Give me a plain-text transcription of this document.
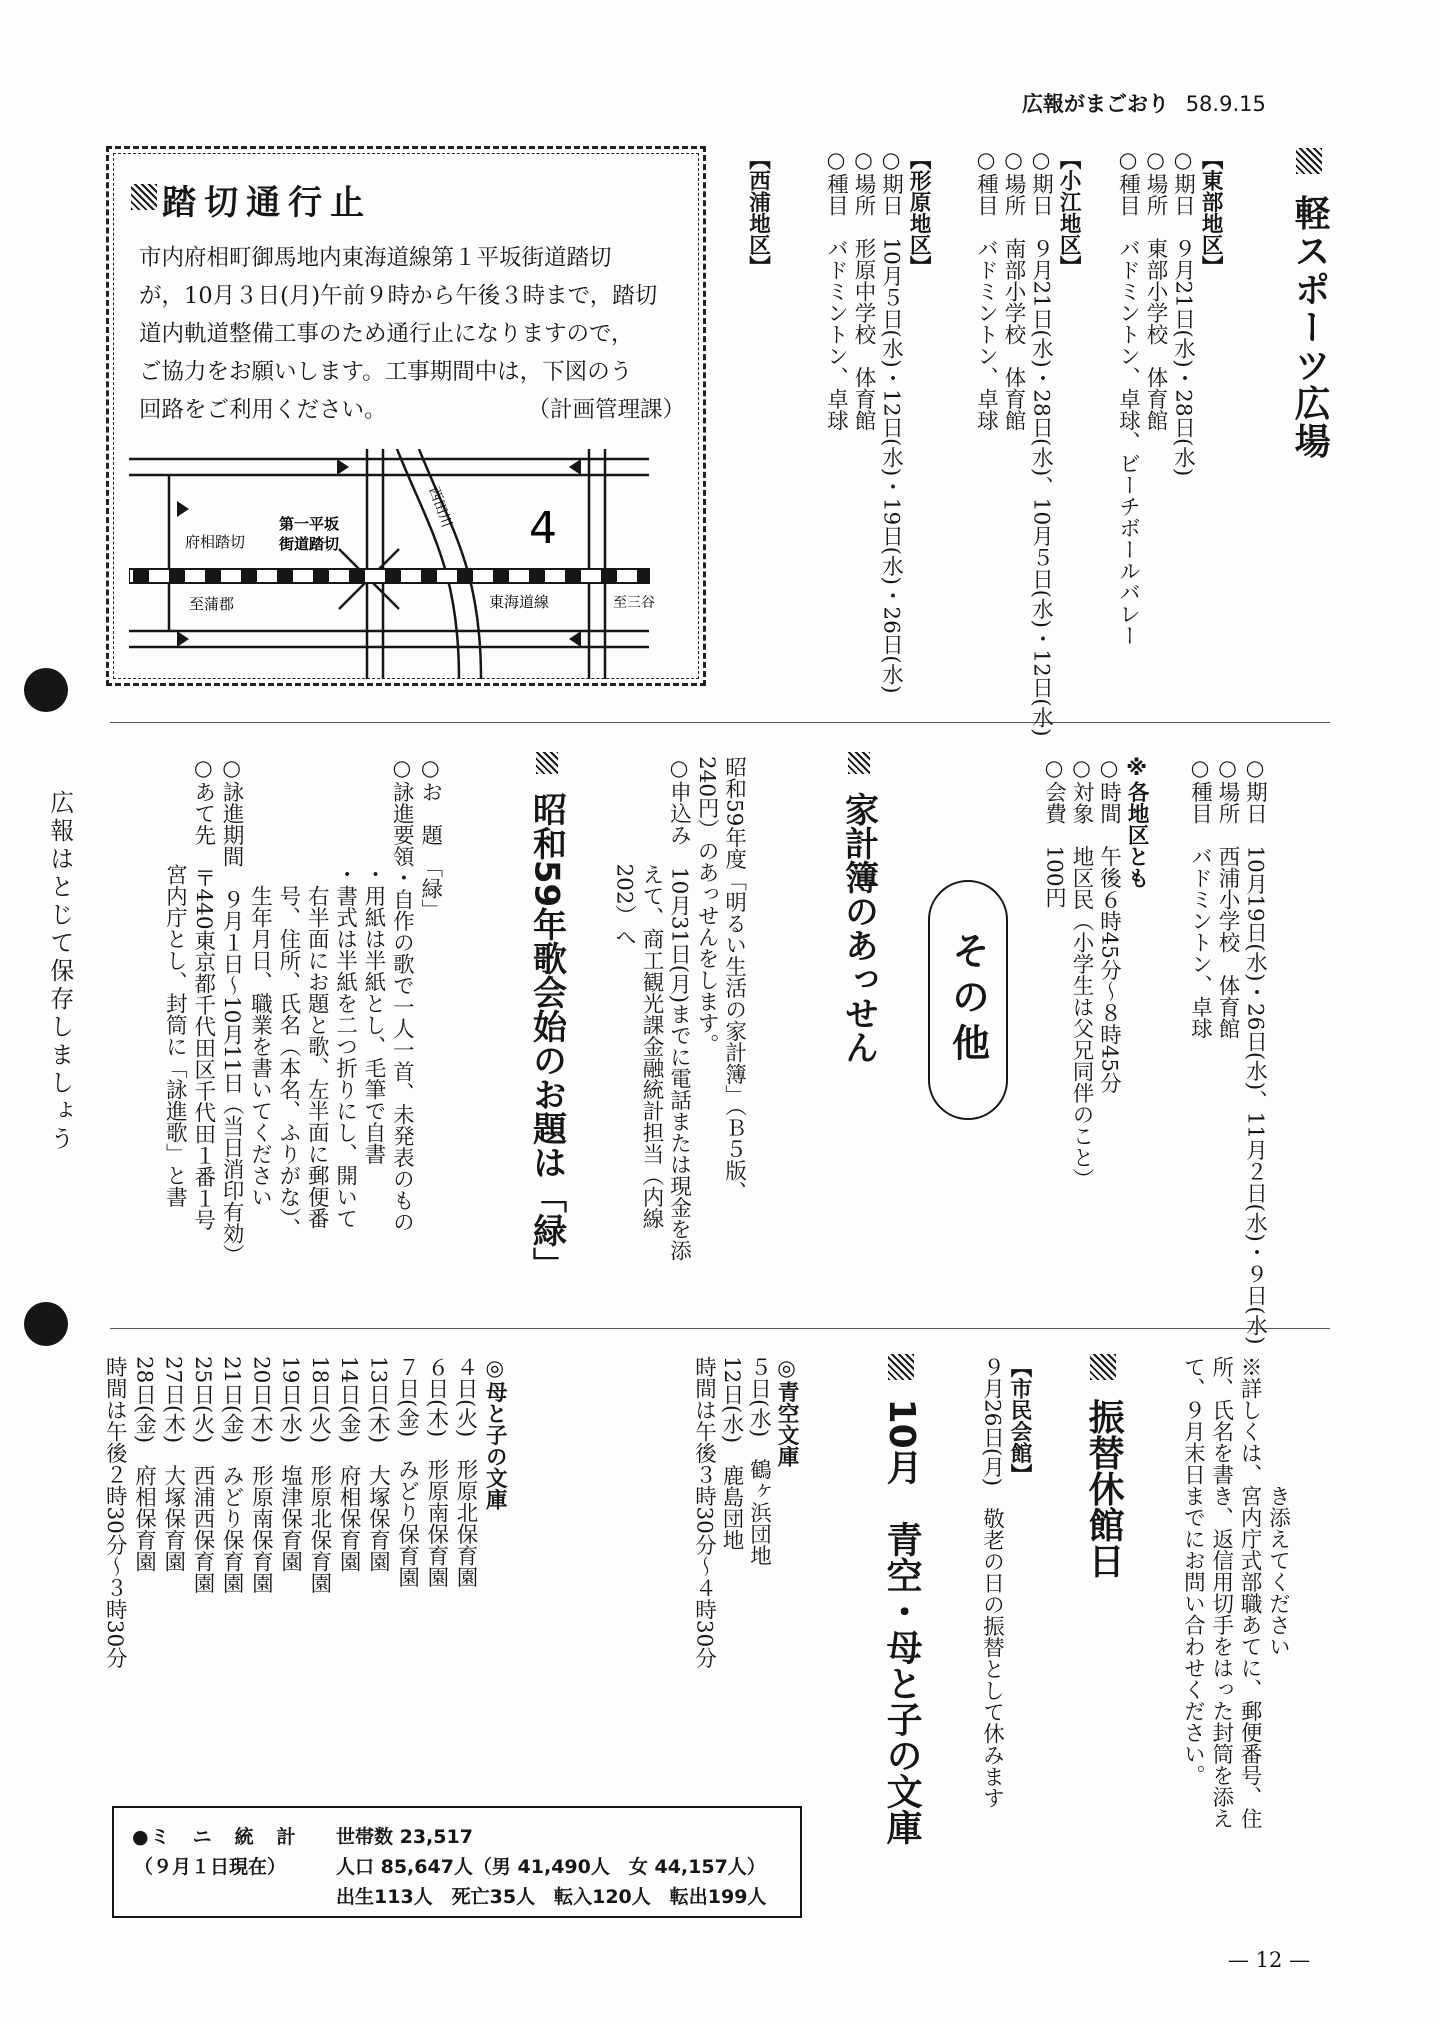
広報がまごおり 58.9.15
広報はとじて保存しましょう
踏切通行止
市内府相町御馬地内東海道線第１平坂街道踏切
が，10月３日(月)午前９時から午後３時まで，踏切
道内軌道整備工事のため通行止になりますので，
ご協力をお願いします。工事期間中は，下図のう
回路をご利用ください。	（計画管理課）
第一平坂
街道踏切
府相踏切
至蒲郡	東海道線	至三谷
西田川 4
軽スポーツ広場
【東部地区】
○期日　９月21日(水)・28日(水)
○場所　東部小学校　体育館
○種目　バドミントン、卓球、ビーチボールバレー
【小江地区】
○期日　９月21日(水)・28日(水)、10月５日(水)・12日(水)
○場所　南部小学校　体育館
○種目　バドミントン、卓球
【形原地区】
○期日　10月５日(水)・12日(水)・19日(水)・26日(水)
○場所　形原中学校　体育館
○種目　バドミントン、卓球
【西浦地区】
○期日　10月19日(水)・26日(水)、11月２日(水)・９日(水)
○場所　西浦小学校　体育館
○種目　バドミントン、卓球
※各地区とも
○時間　午後６時45分～８時45分
○対象　地区民（小学生は父兄同伴のこと）
○会費　100円
その他
家計簿のあっせん
昭和59年度「明るい生活の家計簿」（Ｂ５版、
240円）のあっせんをします。
○申込み　10月31日(月)までに電話または現金を添
　　　　　えて、商工観光課金融統計担当（内線
　　　　　202）へ
昭和59年歌会始のお題は「緑」
○お　題　「緑」
○詠進要領・自作の歌で一人一首、未発表のもの
　　　　　・用紙は半紙とし、毛筆で自書
　　　　　・書式は半紙を二つ折りにし、開いて
　　　　　　右半面にお題と歌、左半面に郵便番
　　　　　　号、住所、氏名（本名、ふりがな）、
　　　　　　生年月日、職業を書いてください
○詠進期間　９月１日～10月11日（当日消印有効）
○あて先　〒440東京都千代田区千代田１番１号
　　　　　宮内庁とし、封筒に「詠進歌」と書
き添えてください
※詳しくは、宮内庁式部職あてに、郵便番号、住
所、氏名を書き、返信用切手をはった封筒を添え
て、９月末日までにお問い合わせください。
振替休館日
【市民会館】
９月26日(月)　敬老の日の振替として休みます
10月　青空・母と子の文庫
◎青空文庫
５日(水)　鶴ヶ浜団地
12日(水)　鹿島団地
時間は午後３時30分～４時30分
◎母と子の文庫
４日(火)　形原北保育園
６日(木)　形原南保育園
７日(金)　みどり保育園
13日(木)　大塚保育園
14日(金)　府相保育園
18日(火)　形原北保育園
19日(水)　塩津保育園
20日(木)　形原南保育園
21日(金)　みどり保育園
25日(火)　西浦西保育園
27日(木)　大塚保育園
28日(金)　府相保育園
時間は午後２時30分～３時30分
●ミ　ニ　統　計
（９月１日現在）
世帯数 23,517
人口 85,647人（男 41,490人　女 44,157人）
出生113人　死亡35人　転入120人　転出199人
— 12 —
